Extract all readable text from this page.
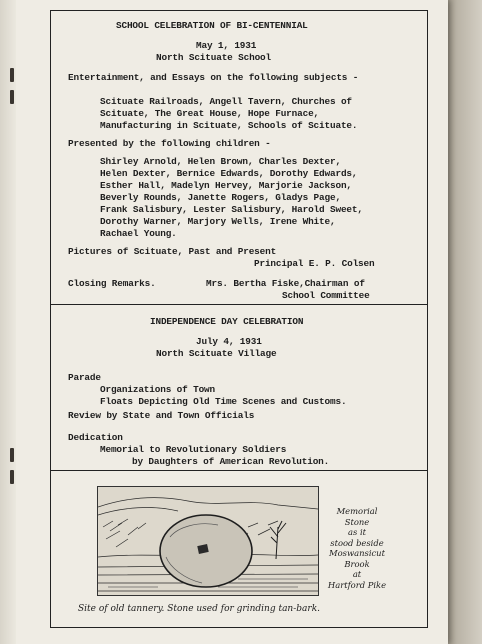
SCHOOL CELEBRATION OF BI-CENTENNIAL
May 1, 1931
North Scituate School
Entertainment, and Essays on the following subjects -
Scituate Railroads, Angell Tavern, Churches of
Scituate, The Great House, Hope Furnace,
Manufacturing in Scituate, Schools of Scituate.
Presented by the following children -
Shirley Arnold, Helen Brown, Charles Dexter,
Helen Dexter, Bernice Edwards, Dorothy Edwards,
Esther Hall, Madelyn Hervey, Marjorie Jackson,
Beverly Rounds, Janette Rogers, Gladys Page,
Frank Salisbury, Lester Salisbury, Harold Sweet,
Dorothy Warner, Marjory Wells, Irene White,
Rachael Young.
Pictures of Scituate, Past and Present
Principal E. P. Colsen
Closing Remarks.	Mrs. Bertha Fiske,Chairman of
School Committee
INDEPENDENCE DAY CELEBRATION
July 4, 1931
North Scituate Village
Parade
Organizations of Town
Floats Depicting Old Time Scenes and Customs.
Review by State and Town Officials
Dedication
Memorial to Revolutionary Soldiers
by Daughters of American Revolution.
Memorial
Stone
as it
stood beside
Moswansicut
Brook
at
Hartford Pike
Site of old tannery. Stone used for grinding tan-bark.
